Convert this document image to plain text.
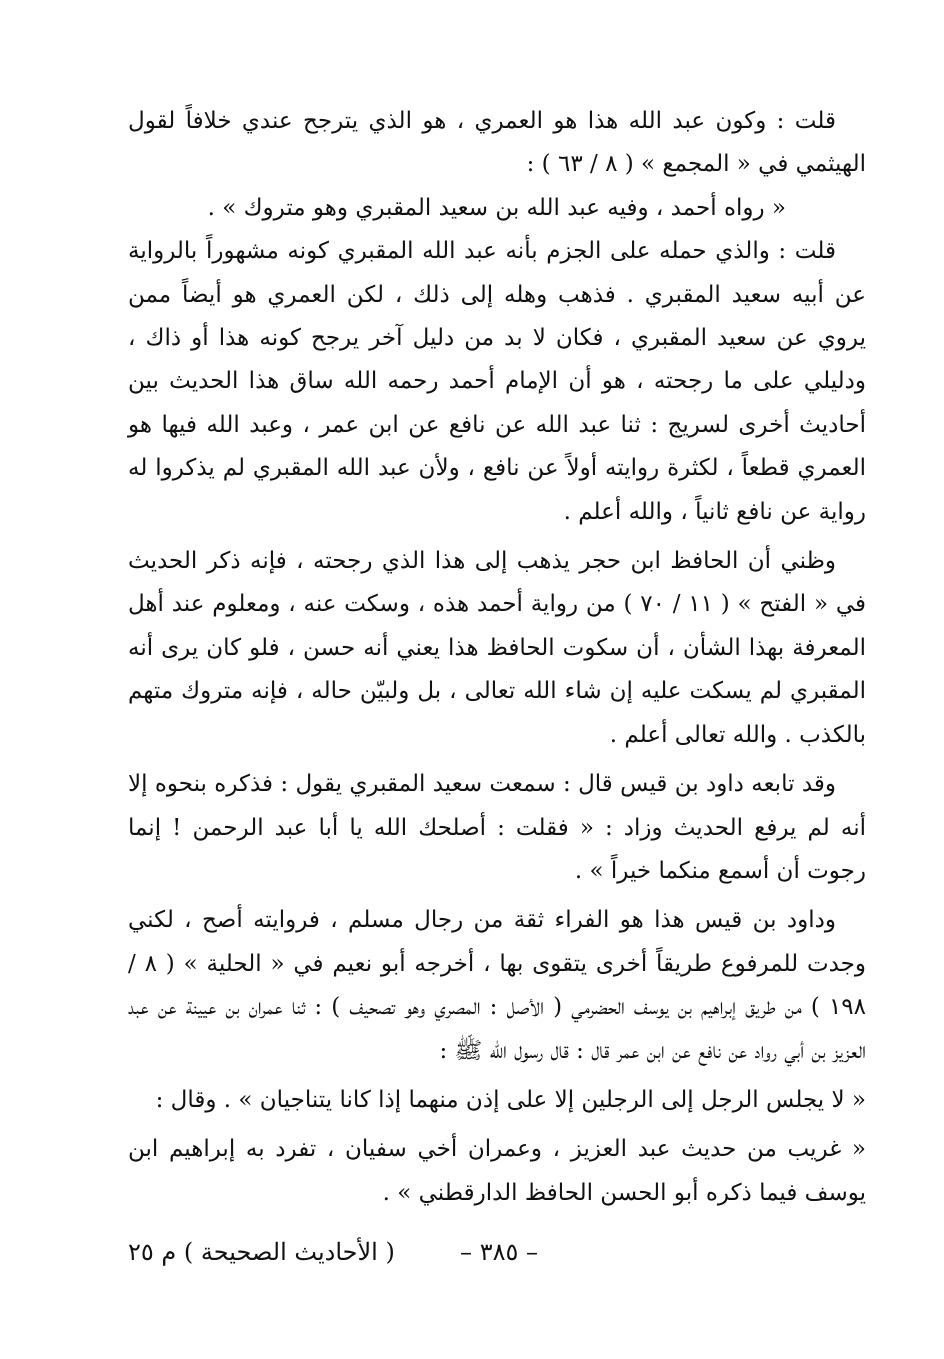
قلت : وكون عبد الله هذا هو العمري ، هو الذي يترجح عندي خلافاً لقول الهيثمي في « المجمع » ( ٨ / ٦٣ ) :

« رواه أحمد ، وفيه عبد الله بن سعيد المقبري وهو متروك » .

قلت : والذي حمله على الجزم بأنه عبد الله المقبري كونه مشهوراً بالرواية عن أبيه سعيد المقبري . فذهب وهله إلى ذلك ، لكن العمري هو أيضاً ممن يروي عن سعيد المقبري ، فكان لا بد من دليل آخر يرجح كونه هذا أو ذاك ، ودليلي على ما رجحته ، هو أن الإمام أحمد رحمه الله ساق هذا الحديث بين أحاديث أخرى لسريج : ثنا عبد الله عن نافع عن ابن عمر ، وعبد الله فيها هو العمري قطعاً ، لكثرة روايته أولاً عن نافع ، ولأن عبد الله المقبري لم يذكروا له رواية عن نافع ثانياً ، والله أعلم .

وظني أن الحافظ ابن حجر يذهب إلى هذا الذي رجحته ، فإنه ذكر الحديث في « الفتح » ( ١١ / ٧٠ ) من رواية أحمد هذه ، وسكت عنه ، ومعلوم عند أهل المعرفة بهذا الشأن ، أن سكوت الحافظ هذا يعني أنه حسن ، فلو كان يرى أنه المقبري لم يسكت عليه إن شاء الله تعالى ، بل ولبيّن حاله ، فإنه متروك متهم بالكذب . والله تعالى أعلم .

وقد تابعه داود بن قيس قال : سمعت سعيد المقبري يقول : فذكره بنحوه إلا أنه لم يرفع الحديث وزاد : « فقلت : أصلحك الله يا أبا عبد الرحمن ! إنما رجوت أن أسمع منكما خيراً » .

وداود بن قيس هذا هو الفراء ثقة من رجال مسلم ، فروايته أصح ، لكني وجدت للمرفوع طريقاً أخرى يتقوى بها ، أخرجه أبو نعيم في « الحلية » ( ٨ / ١٩٨ ) من طريق إبراهيم بن يوسف الحضرمي ( الأصل : المصري وهو تصحيف ) : ثنا عمران بن عيينة عن عبد العزيز بن أبي رواد عن نافع عن ابن عمر قال : قال رسول الله ﷺ :

« لا يجلس الرجل إلى الرجلين إلا على إذن منهما إذا كانا يتناجيان » . وقال :

« غريب من حديث عبد العزيز ، وعمران أخي سفيان ، تفرد به إبراهيم ابن يوسف فيما ذكره أبو الحسن الحافظ الدارقطني » .

– ٣٨٥ –
( الأحاديث الصحيحة ) م ٢٥
